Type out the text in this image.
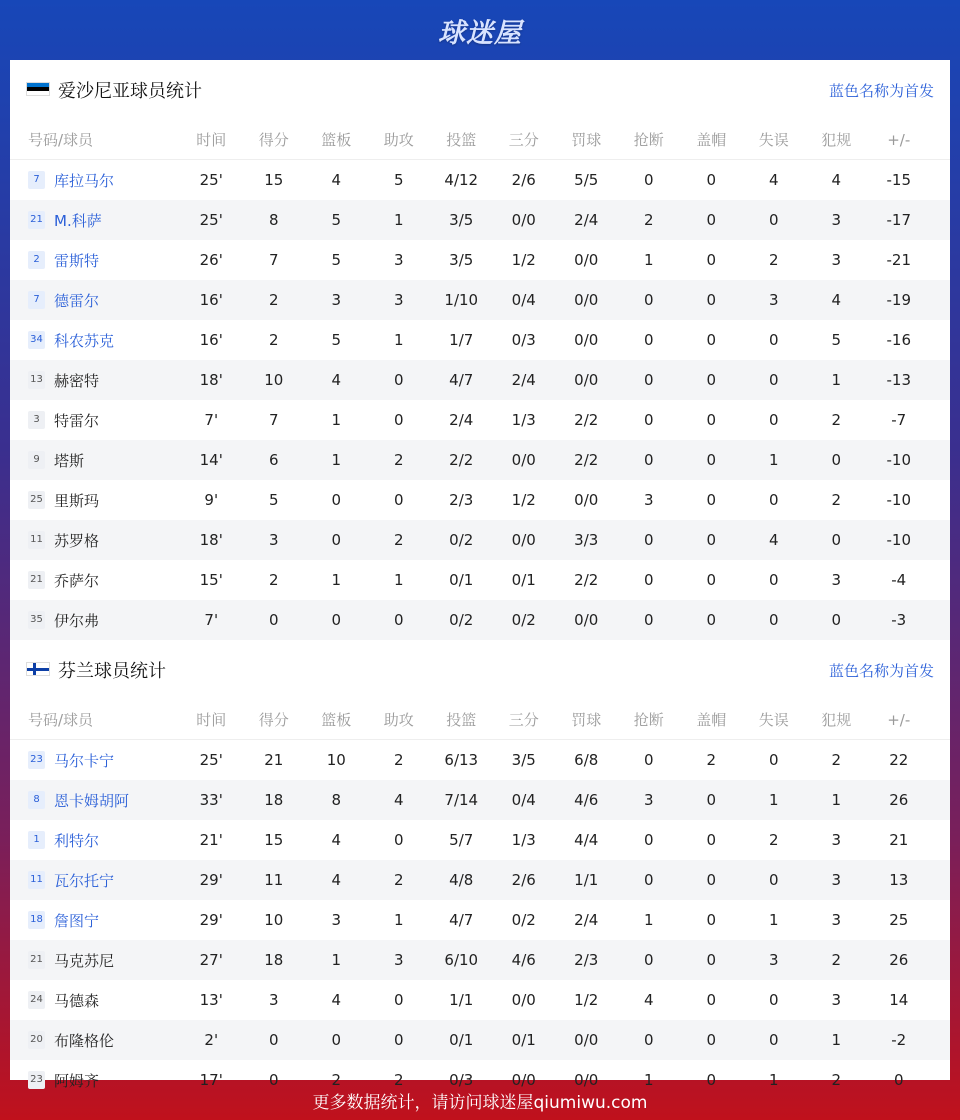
球迷屋
爱沙尼亚球员统计	蓝色名称为首发
号码/球员	时间	得分	篮板	助攻	投篮	三分	罚球	抢断	盖帽	失误	犯规	+/-
7 库拉马尔	25'	15	4	5	4/12	2/6	5/5	0	0	4	4	-15
21 M.科萨	25'	8	5	1	3/5	0/0	2/4	2	0	0	3	-17
2 雷斯特	26'	7	5	3	3/5	1/2	0/0	1	0	2	3	-21
7 德雷尔	16'	2	3	3	1/10	0/4	0/0	0	0	3	4	-19
34 科农苏克	16'	2	5	1	1/7	0/3	0/0	0	0	0	5	-16
13 赫密特	18'	10	4	0	4/7	2/4	0/0	0	0	0	1	-13
3 特雷尔	7'	7	1	0	2/4	1/3	2/2	0	0	0	2	-7
9 塔斯	14'	6	1	2	2/2	0/0	2/2	0	0	1	0	-10
25 里斯玛	9'	5	0	0	2/3	1/2	0/0	3	0	0	2	-10
11 苏罗格	18'	3	0	2	0/2	0/0	3/3	0	0	4	0	-10
21 乔萨尔	15'	2	1	1	0/1	0/1	2/2	0	0	0	3	-4
35 伊尔弗	7'	0	0	0	0/2	0/2	0/0	0	0	0	0	-3
芬兰球员统计	蓝色名称为首发
号码/球员	时间	得分	篮板	助攻	投篮	三分	罚球	抢断	盖帽	失误	犯规	+/-
23 马尔卡宁	25'	21	10	2	6/13	3/5	6/8	0	2	0	2	22
8 恩卡姆胡阿	33'	18	8	4	7/14	0/4	4/6	3	0	1	1	26
1 利特尔	21'	15	4	0	5/7	1/3	4/4	0	0	2	3	21
11 瓦尔托宁	29'	11	4	2	4/8	2/6	1/1	0	0	0	3	13
18 詹图宁	29'	10	3	1	4/7	0/2	2/4	1	0	1	3	25
21 马克苏尼	27'	18	1	3	6/10	4/6	2/3	0	0	3	2	26
24 马德森	13'	3	4	0	1/1	0/0	1/2	4	0	0	3	14
20 布隆格伦	2'	0	0	0	0/1	0/1	0/0	0	0	0	1	-2
23 阿姆齐	17'	0	2	2	0/3	0/0	0/0	1	0	1	2	0
更多数据统计，请访问球迷屋qiumiwu.com
